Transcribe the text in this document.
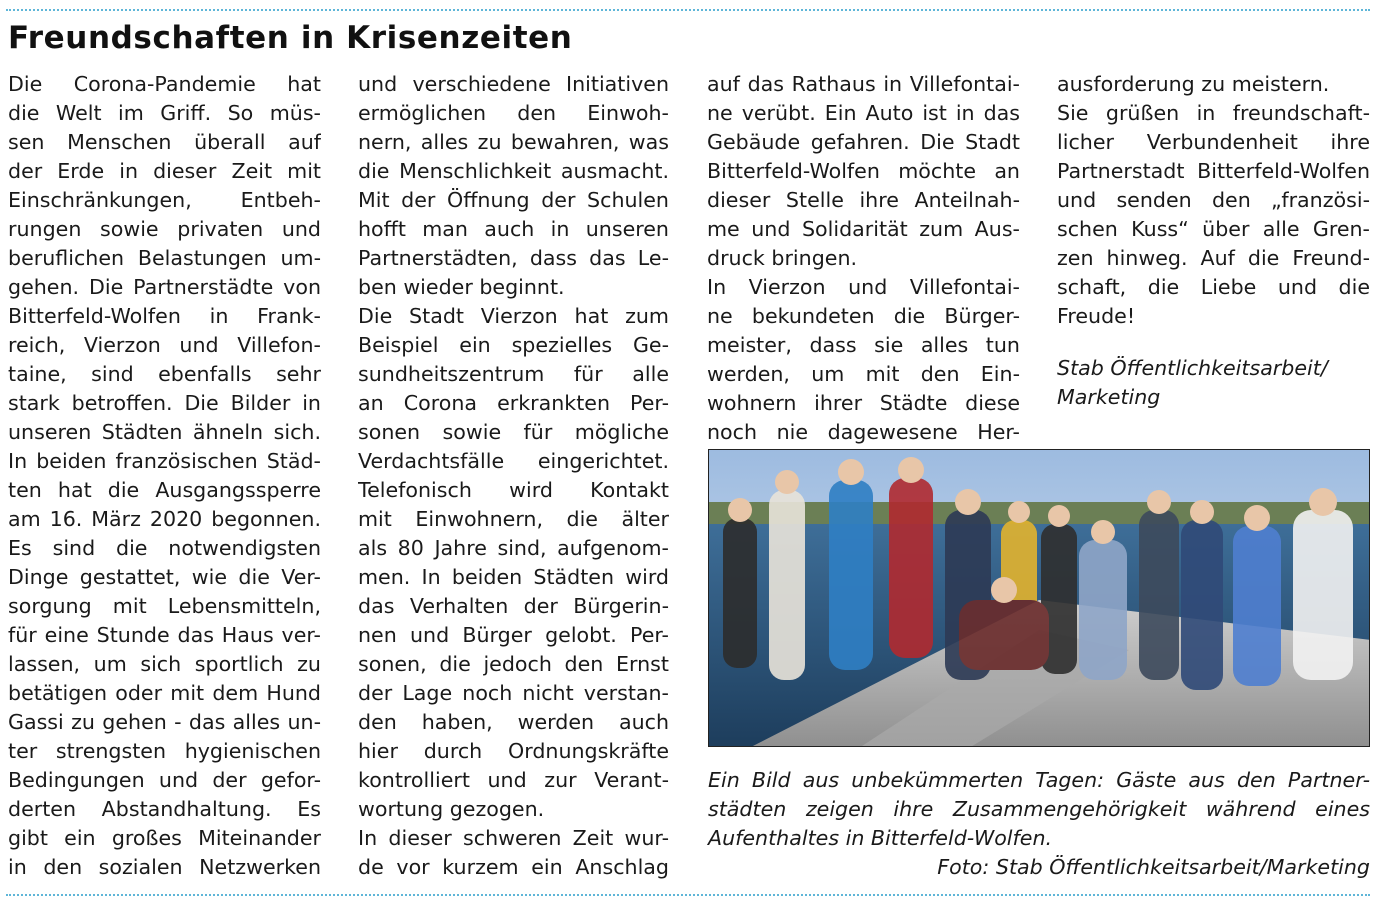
Freundschaften in Krisenzeiten
Die Corona-Pandemie hat
die Welt im Griff. So müs-
sen Menschen überall auf
der Erde in dieser Zeit mit
Einschränkungen, Entbeh-
rungen sowie privaten und
beruflichen Belastungen um-
gehen. Die Partnerstädte von
Bitterfeld-Wolfen in Frank-
reich, Vierzon und Villefon-
taine, sind ebenfalls sehr
stark betroffen. Die Bilder in
unseren Städten ähneln sich.
In beiden französischen Städ-
ten hat die Ausgangssperre
am 16. März 2020 begonnen.
Es sind die notwendigsten
Dinge gestattet, wie die Ver-
sorgung mit Lebensmitteln,
für eine Stunde das Haus ver-
lassen, um sich sportlich zu
betätigen oder mit dem Hund
Gassi zu gehen - das alles un-
ter strengsten hygienischen
Bedingungen und der gefor-
derten Abstandhaltung. Es
gibt ein großes Miteinander
in den sozialen Netzwerken
und verschiedene Initiativen
ermöglichen den Einwoh-
nern, alles zu bewahren, was
die Menschlichkeit ausmacht.
Mit der Öffnung der Schulen
hofft man auch in unseren
Partnerstädten, dass das Le-
ben wieder beginnt.
Die Stadt Vierzon hat zum
Beispiel ein spezielles Ge-
sundheitszentrum für alle
an Corona erkrankten Per-
sonen sowie für mögliche
Verdachtsfälle eingerichtet.
Telefonisch wird Kontakt
mit Einwohnern, die älter
als 80 Jahre sind, aufgenom-
men. In beiden Städten wird
das Verhalten der Bürgerin-
nen und Bürger gelobt. Per-
sonen, die jedoch den Ernst
der Lage noch nicht verstan-
den haben, werden auch
hier durch Ordnungskräfte
kontrolliert und zur Verant-
wortung gezogen.
In dieser schweren Zeit wur-
de vor kurzem ein Anschlag
auf das Rathaus in Villefontai-
ne verübt. Ein Auto ist in das
Gebäude gefahren. Die Stadt
Bitterfeld-Wolfen möchte an
dieser Stelle ihre Anteilnah-
me und Solidarität zum Aus-
druck bringen.
In Vierzon und Villefontai-
ne bekundeten die Bürger-
meister, dass sie alles tun
werden, um mit den Ein-
wohnern ihrer Städte diese
noch nie dagewesene Her-
ausforderung zu meistern.
Sie grüßen in freundschaft-
licher Verbundenheit ihre
Partnerstadt Bitterfeld-Wolfen
und senden den „französi-
schen Kuss“ über alle Gren-
zen hinweg. Auf die Freund-
schaft, die Liebe und die
Freude!
Stab Öffentlichkeitsarbeit/
Marketing
Ein Bild aus unbekümmerten Tagen: Gäste aus den Partner-
städten zeigen ihre Zusammengehörigkeit während eines
Aufenthaltes in Bitterfeld-Wolfen.
Foto: Stab Öffentlichkeitsarbeit/Marketing
